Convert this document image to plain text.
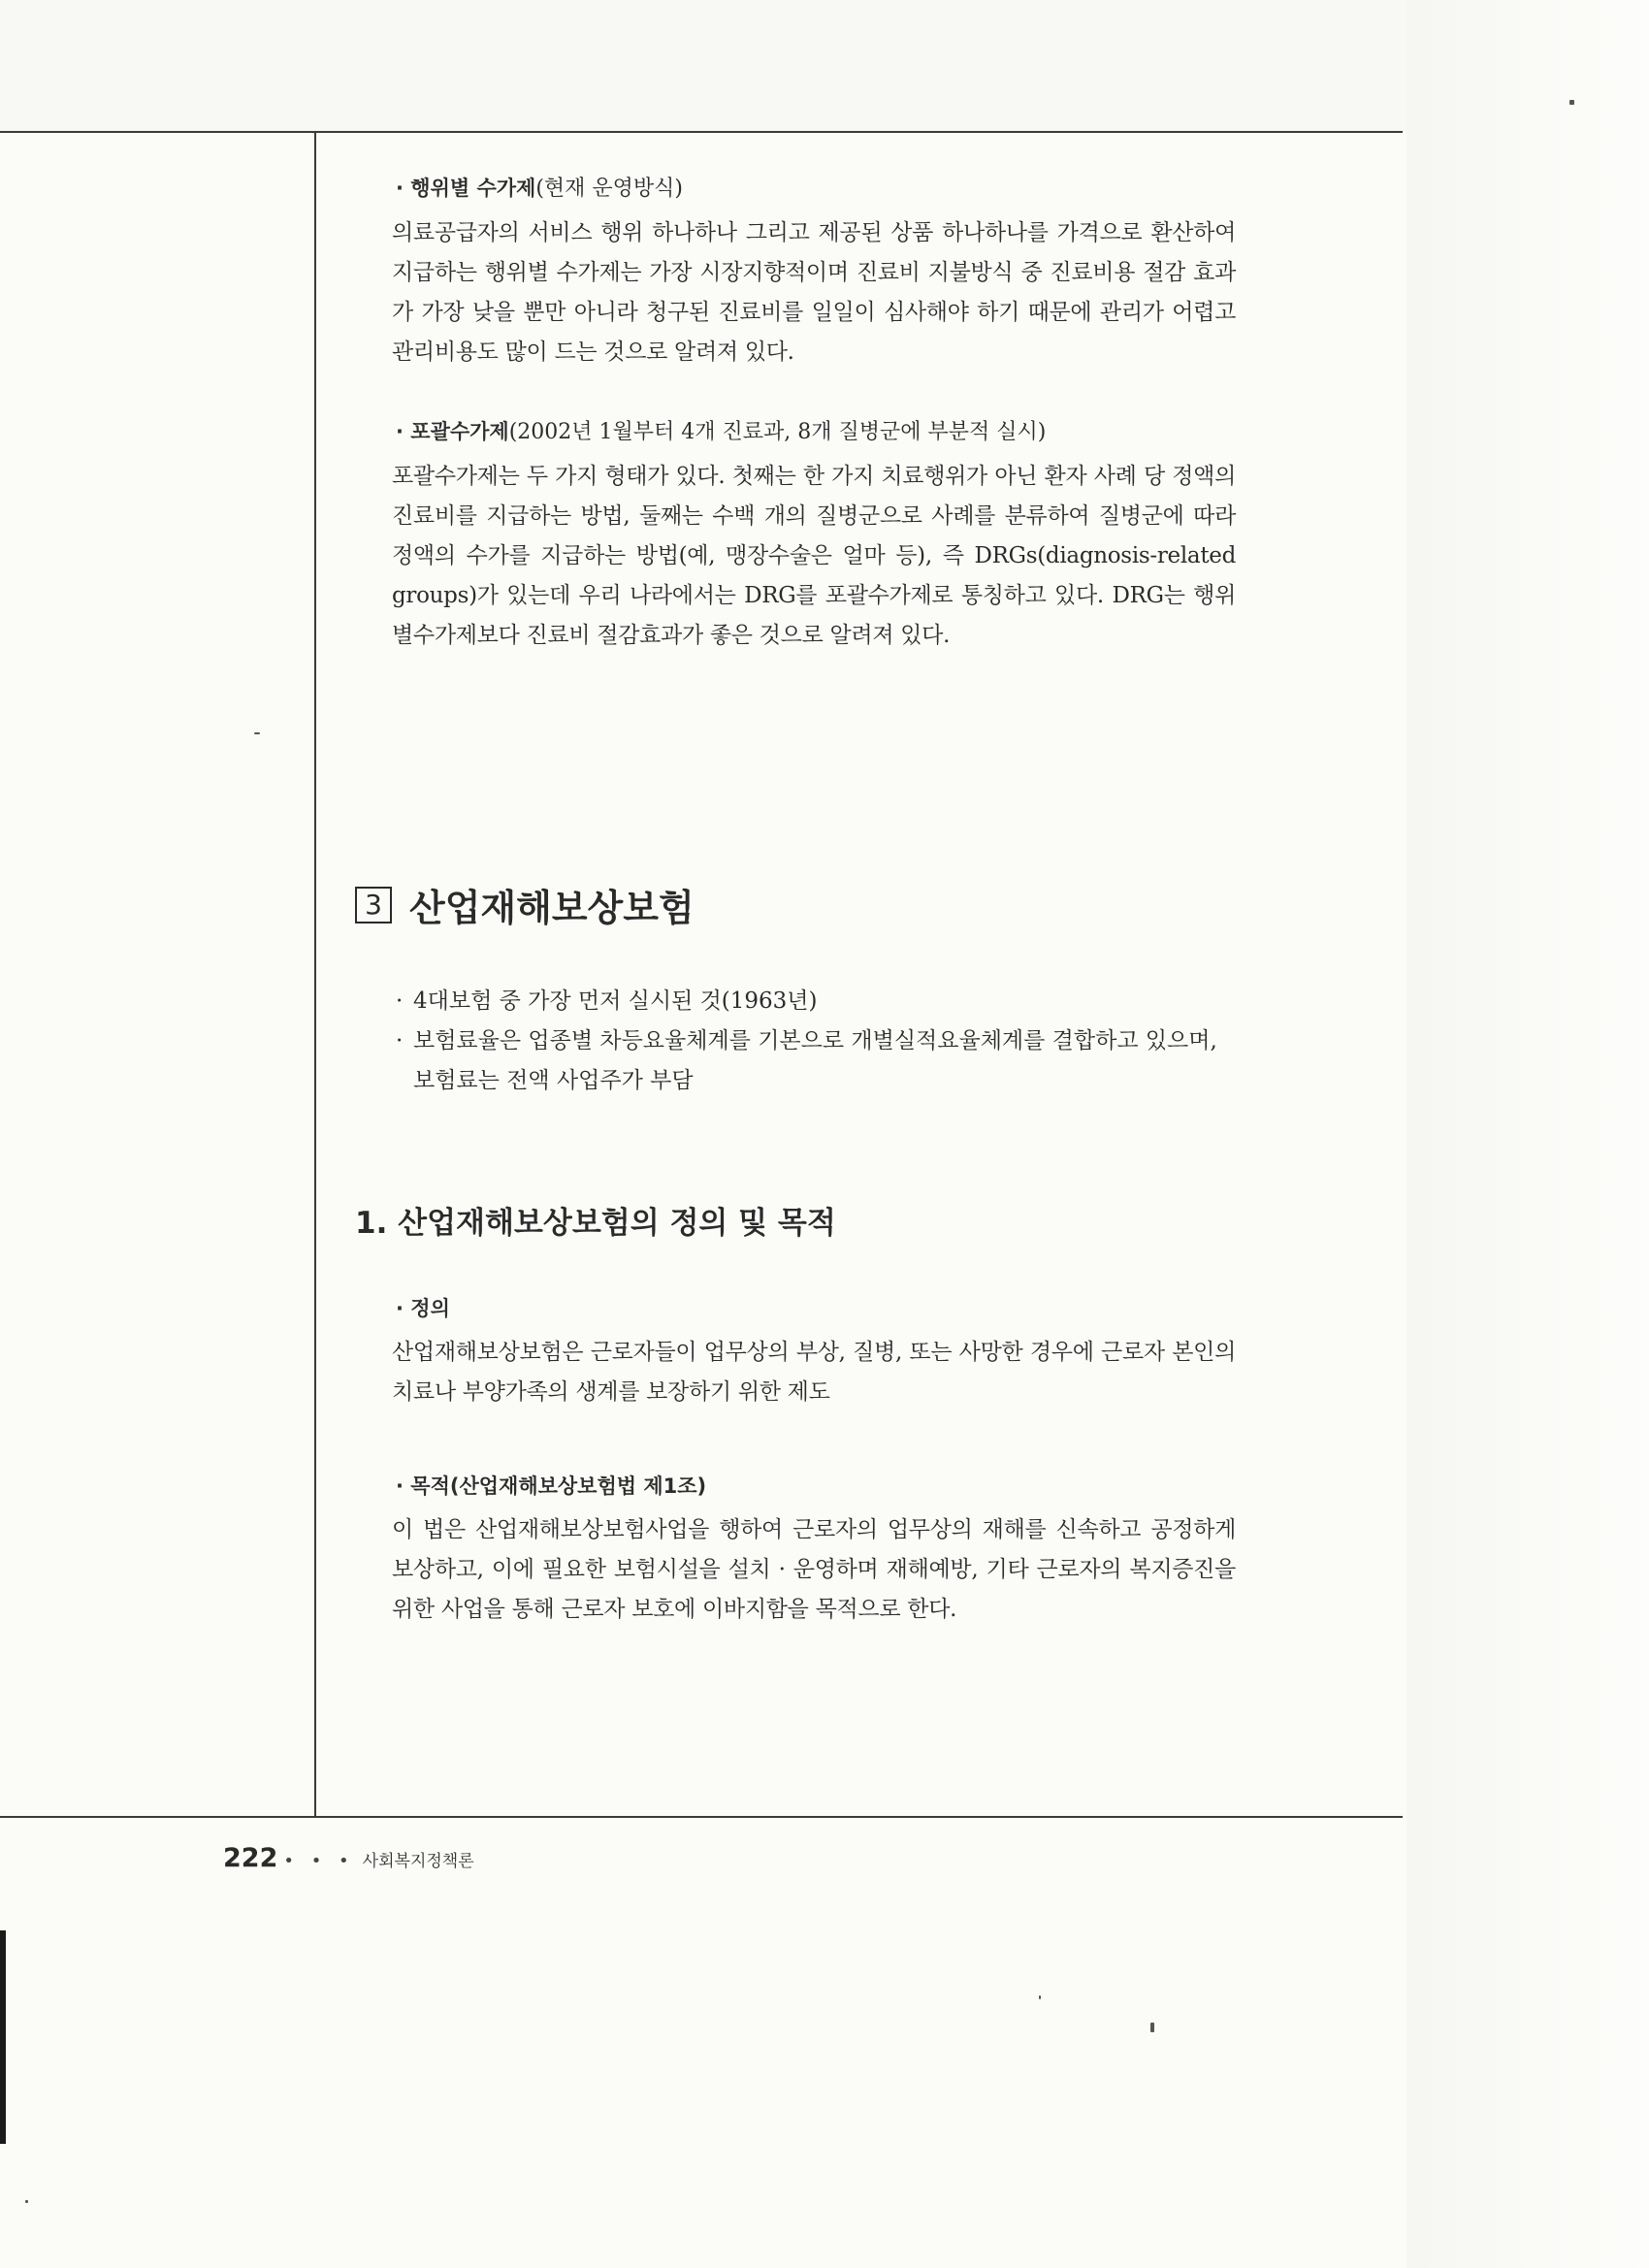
· 행위별 수가제(현재 운영방식)

의료공급자의 서비스 행위 하나하나 그리고 제공된 상품 하나하나를 가격으로 환산하여 지급하는 행위별 수가제는 가장 시장지향적이며 진료비 지불방식 중 진료비용 절감 효과가 가장 낮을 뿐만 아니라 청구된 진료비를 일일이 심사해야 하기 때문에 관리가 어렵고 관리비용도 많이 드는 것으로 알려져 있다.

· 포괄수가제(2002년 1월부터 4개 진료과, 8개 질병군에 부분적 실시)

포괄수가제는 두 가지 형태가 있다. 첫째는 한 가지 치료행위가 아닌 환자 사례 당 정액의 진료비를 지급하는 방법, 둘째는 수백 개의 질병군으로 사례를 분류하여 질병군에 따라 정액의 수가를 지급하는 방법(예, 맹장수술은 얼마 등), 즉 DRGs(diagnosis-related groups)가 있는데 우리 나라에서는 DRG를 포괄수가제로 통칭하고 있다. DRG는 행위별수가제보다 진료비 절감효과가 좋은 것으로 알려져 있다.

3 산업재해보상보험
· 4대보험 중 가장 먼저 실시된 것(1963년)
· 보험료율은 업종별 차등요율체계를 기본으로 개별실적요율체계를 결합하고 있으며, 보험료는 전액 사업주가 부담
1. 산업재해보상보험의 정의 및 목적
· 정의

산업재해보상보험은 근로자들이 업무상의 부상, 질병, 또는 사망한 경우에 근로자 본인의 치료나 부양가족의 생계를 보장하기 위한 제도

· 목적(산업재해보상보험법 제1조)

이 법은 산업재해보상보험사업을 행하여 근로자의 업무상의 재해를 신속하고 공정하게 보상하고, 이에 필요한 보험시설을 설치 · 운영하며 재해예방, 기타 근로자의 복지증진을 위한 사업을 통해 근로자 보호에 이바지함을 목적으로 한다.

222 • • • 사회복지정책론
